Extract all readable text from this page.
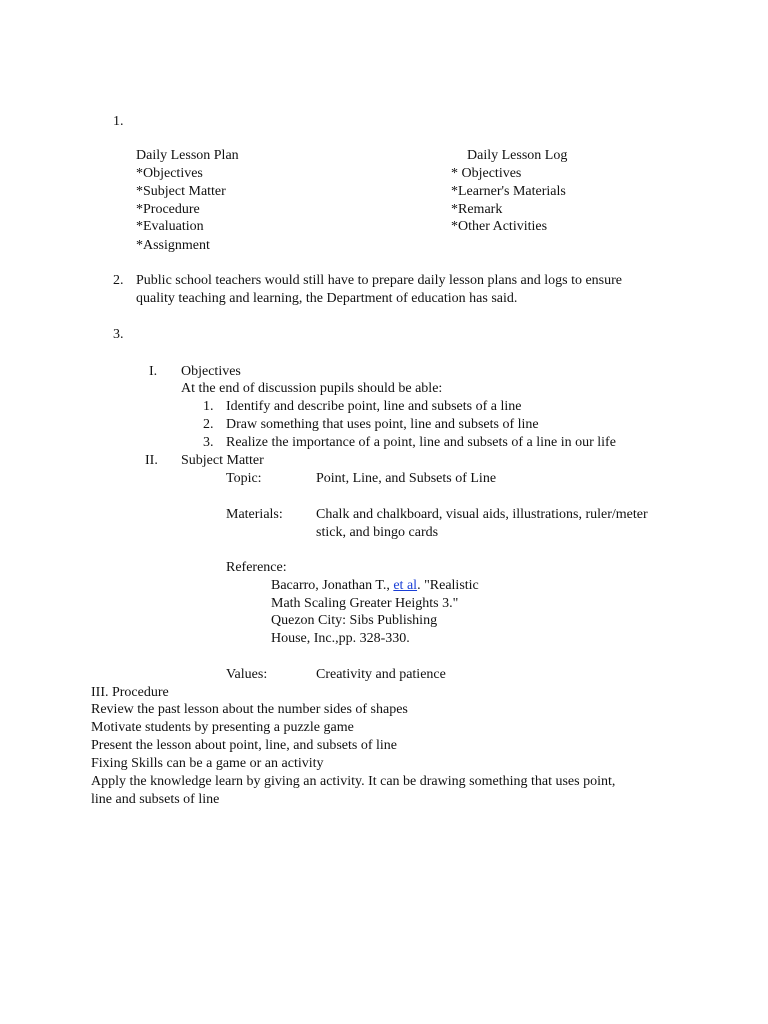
1.
Daily Lesson Plan
*Objectives
*Subject Matter
*Procedure
*Evaluation
*Assignment
Daily Lesson Log
* Objectives
*Learner's Materials
*Remark
*Other Activities
2. Public school teachers would still have to prepare daily lesson plans and logs to ensure
quality teaching and learning, the Department of education has said.
3.
I. Objectives
At the end of discussion pupils should be able:
1. Identify and describe point, line and subsets of a line
2. Draw something that uses point, line and subsets of line
3. Realize the importance of a point, line and subsets of a line in our life
II. Subject Matter
Topic:	Point, Line, and Subsets of Line
Materials: Chalk and chalkboard, visual aids, illustrations, ruler/meter
stick, and bingo cards
Reference:
Bacarro, Jonathan T., et al. "Realistic
Math Scaling Greater Heights 3."
Quezon City: Sibs Publishing
House, Inc.,pp. 328-330.
Values:	Creativity and patience
III. Procedure
Review the past lesson about the number sides of shapes
Motivate students by presenting a puzzle game
Present the lesson about point, line, and subsets of line
Fixing Skills can be a game or an activity
Apply the knowledge learn by giving an activity. It can be drawing something that uses point,
line and subsets of line
